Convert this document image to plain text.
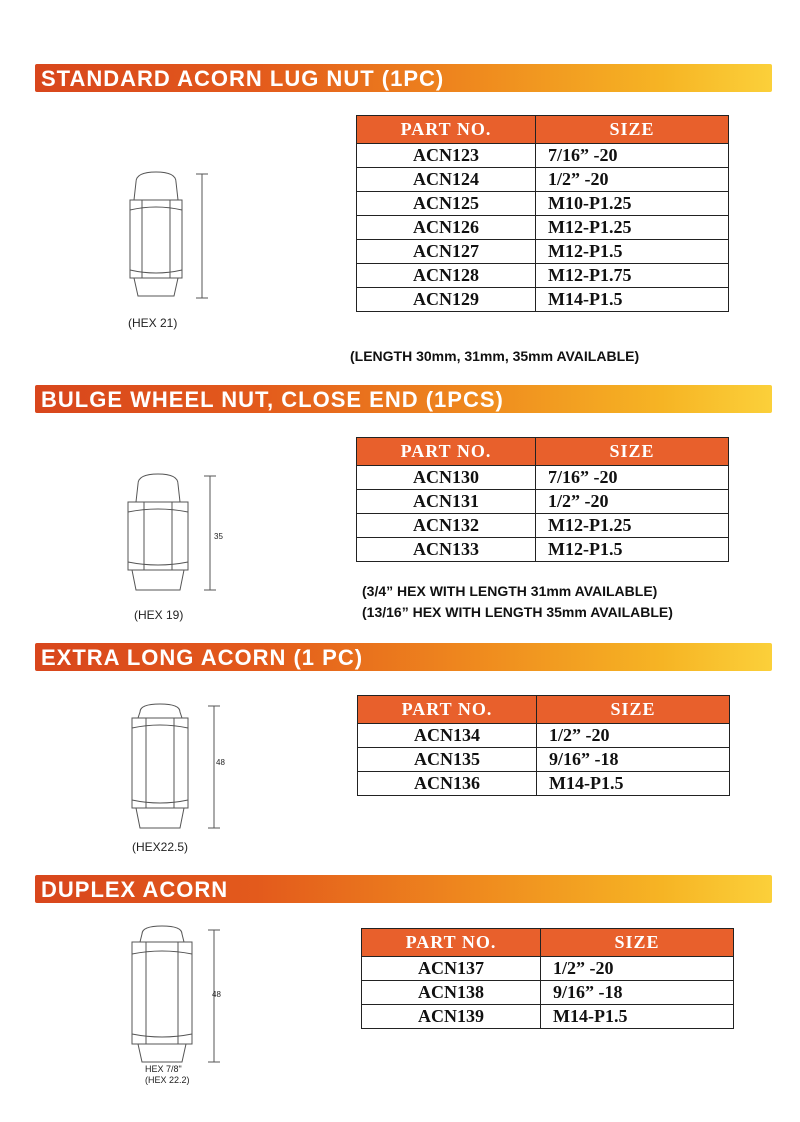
STANDARD ACORN LUG NUT (1PC)
(HEX 21)
PART NO.	SIZE
ACN123	7/16” -20
ACN124	1/2” -20
ACN125	M10-P1.25
ACN126	M12-P1.25
ACN127	M12-P1.5
ACN128	M12-P1.75
ACN129	M14-P1.5
(LENGTH 30mm, 31mm, 35mm AVAILABLE)
BULGE WHEEL NUT, CLOSE END (1PCS)
35
(HEX 19)
PART NO.	SIZE
ACN130	7/16” -20
ACN131	1/2” -20
ACN132	M12-P1.25
ACN133	M12-P1.5
(3/4” HEX WITH LENGTH 31mm AVAILABLE)
(13/16” HEX WITH LENGTH 35mm AVAILABLE)
EXTRA LONG ACORN (1 PC)
48
(HEX22.5)
PART NO.	SIZE
ACN134	1/2” -20
ACN135	9/16” -18
ACN136	M14-P1.5
DUPLEX ACORN
48
HEX 7/8"
(HEX 22.2)
PART NO.	SIZE
ACN137	1/2” -20
ACN138	9/16” -18
ACN139	M14-P1.5
